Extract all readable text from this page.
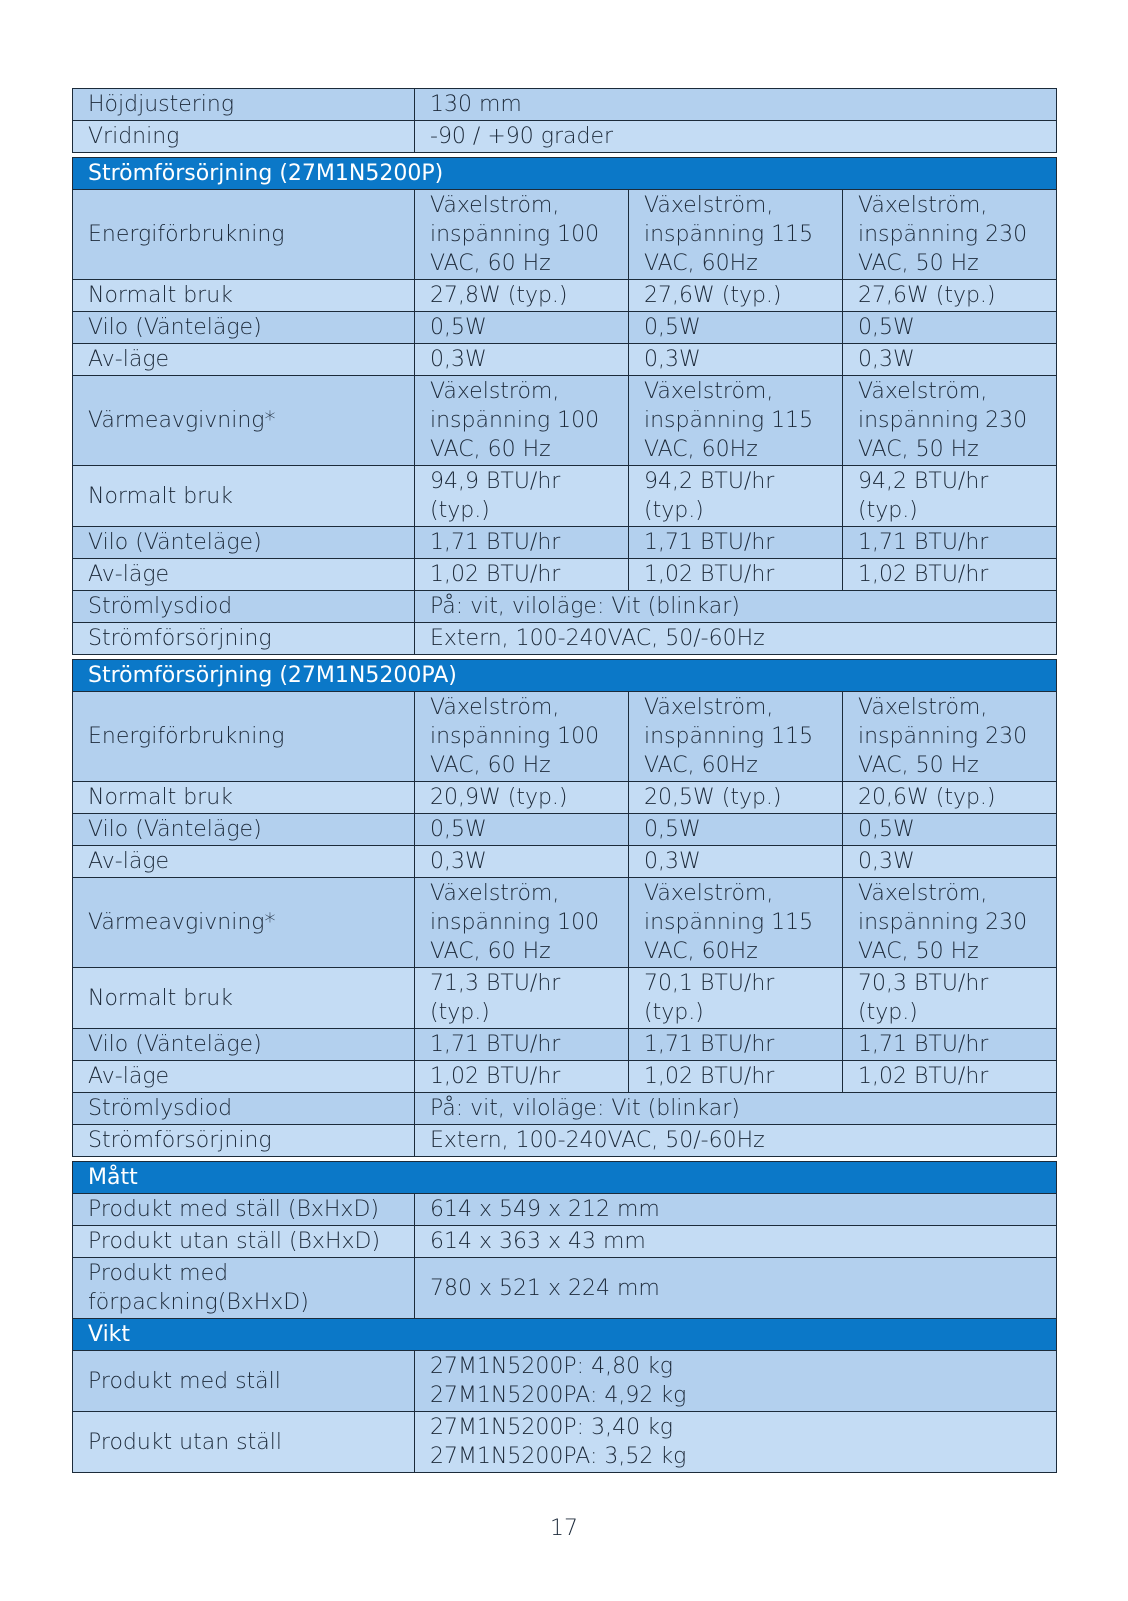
Höjdjustering	130 mm		
Vridning	-90 / +90 grader		

Strömförsörjning (27M1N5200P)			
Energiförbrukning	Växelström, inspänning 100 VAC, 60 Hz	Växelström, inspänning 115 VAC, 60Hz	Växelström, inspänning 230 VAC, 50 Hz
Normalt bruk	27,8W (typ.)	27,6W (typ.)	27,6W (typ.)
Vilo (Vänteläge)	0,5W	0,5W	0,5W
Av-läge	0,3W	0,3W	0,3W
Värmeavgivning*	Växelström, inspänning 100 VAC, 60 Hz	Växelström, inspänning 115 VAC, 60Hz	Växelström, inspänning 230 VAC, 50 Hz
Normalt bruk	94,9 BTU/hr (typ.)	94,2 BTU/hr (typ.)	94,2 BTU/hr (typ.)
Vilo (Vänteläge)	1,71 BTU/hr	1,71 BTU/hr	1,71 BTU/hr
Av-läge	1,02 BTU/hr	1,02 BTU/hr	1,02 BTU/hr
Strömlysdiod	På: vit, viloläge: Vit (blinkar)		
Strömförsörjning	Extern, 100-240VAC, 50/-60Hz		

Strömförsörjning (27M1N5200PA)			
Energiförbrukning	Växelström, inspänning 100 VAC, 60 Hz	Växelström, inspänning 115 VAC, 60Hz	Växelström, inspänning 230 VAC, 50 Hz
Normalt bruk	20,9W (typ.)	20,5W (typ.)	20,6W (typ.)
Vilo (Vänteläge)	0,5W	0,5W	0,5W
Av-läge	0,3W	0,3W	0,3W
Värmeavgivning*	Växelström, inspänning 100 VAC, 60 Hz	Växelström, inspänning 115 VAC, 60Hz	Växelström, inspänning 230 VAC, 50 Hz
Normalt bruk	71,3 BTU/hr (typ.)	70,1 BTU/hr (typ.)	70,3 BTU/hr (typ.)
Vilo (Vänteläge)	1,71 BTU/hr	1,71 BTU/hr	1,71 BTU/hr
Av-läge	1,02 BTU/hr	1,02 BTU/hr	1,02 BTU/hr
Strömlysdiod	På: vit, viloläge: Vit (blinkar)		
Strömförsörjning	Extern, 100-240VAC, 50/-60Hz		

Mått			
Produkt med ställ (BxHxD)	614 x 549 x 212 mm		
Produkt utan ställ (BxHxD)	614 x 363 x 43 mm		
Produkt med förpackning(BxHxD)	780 x 521 x 224 mm		
Vikt			
Produkt med ställ	27M1N5200P: 4,80 kg
27M1N5200PA: 4,92 kg		

Produkt utan ställ	27M1N5200P: 3,40 kg
27M1N5200PA: 3,52 kg		
17
